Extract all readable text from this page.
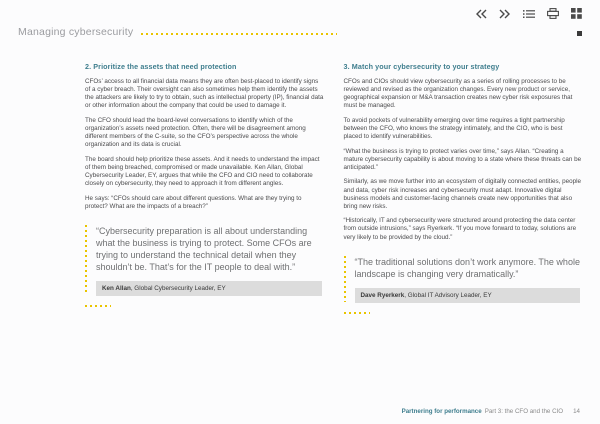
Managing cybersecurity
2. Prioritize the assets that need protection

CFOs’ access to all financial data means they are often best-placed to identify signs of a cyber breach. Their oversight can also sometimes help them identify the assets the attackers are likely to try to obtain, such as intellectual property (IP), financial data or other information about the company that could be used to damage it.

The CFO should lead the board-level conversations to identify which of the organization’s assets need protection. Often, there will be disagreement among different members of the C-suite, so the CFO’s perspective across the whole organization and its data is crucial.

The board should help prioritize these assets. And it needs to understand the impact of them being breached, compromised or made unavailable. Ken Allan, Global Cybersecurity Leader, EY, argues that while the CFO and CIO need to collaborate closely on cybersecurity, they need to approach it from different angles.

He says: “CFOs should care about different questions. What are they trying to protect? What are the impacts of a breach?”

“Cybersecurity preparation is all about understanding what the business is trying to protect. Some CFOs are trying to understand the technical detail when they shouldn’t be. That’s for the IT people to deal with.”

Ken Allan, Global Cybersecurity Leader, EY
3. Match your cybersecurity to your strategy

CFOs and CIOs should view cybersecurity as a series of rolling processes to be reviewed and revised as the organization changes. Every new product or service, geographical expansion or M&A transaction creates new cyber risk exposures that must be managed.

To avoid pockets of vulnerability emerging over time requires a tight partnership between the CFO, who knows the strategy intimately, and the CIO, who is best placed to identify vulnerabilities.

“What the business is trying to protect varies over time,” says Allan. “Creating a mature cybersecurity capability is about moving to a state where these threats can be anticipated.”

Similarly, as we move further into an ecosystem of digitally connected entities, people and data, cyber risk increases and cybersecurity must adapt. Innovative digital business models and customer-facing channels create new opportunities that also bring new risks.

“Historically, IT and cybersecurity were structured around protecting the data center from outside intrusions,” says Ryerkerk. “If you move forward to today, solutions are very likely to be provided by the cloud.”

“The traditional solutions don’t work anymore. The whole landscape is changing very dramatically.”

Dave Ryerkerk, Global IT Advisory Leader, EY
Partnering for performance Part 3: the CFO and the CIO 14
